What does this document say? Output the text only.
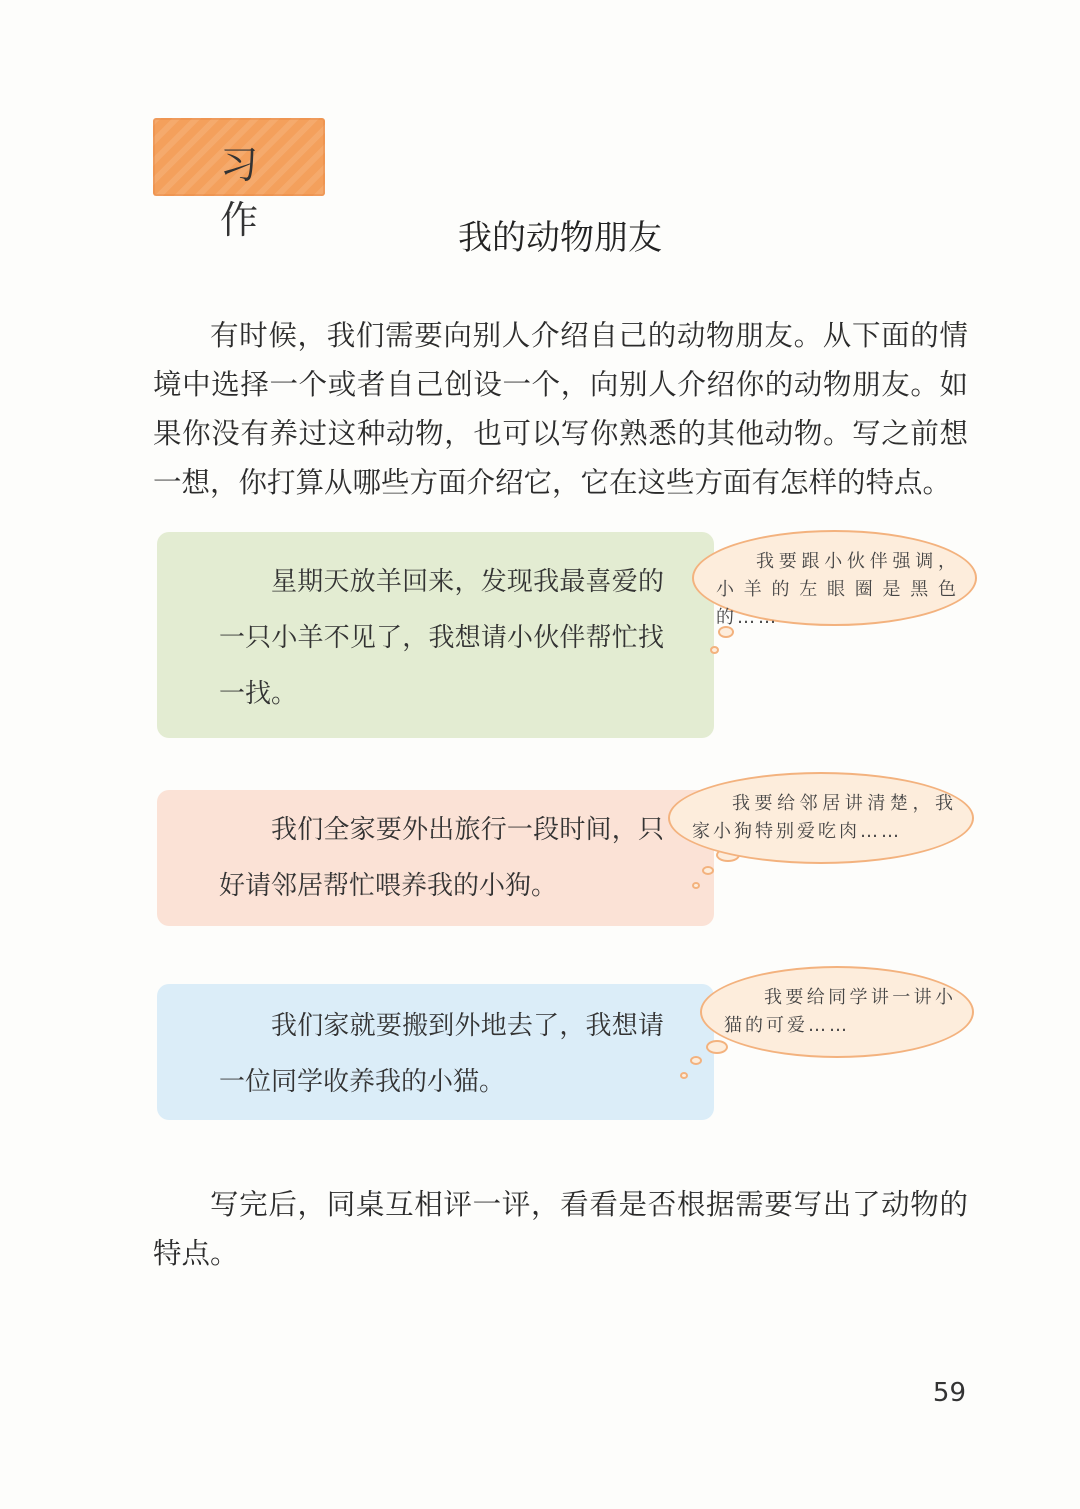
习 作	我的动物朋友
有时候，我们需要向别人介绍自己的动物朋友。从下面的情境中选择一个或者自己创设一个，向别人介绍你的动物朋友。如果你没有养过这种动物，也可以写你熟悉的其他动物。写之前想一想，你打算从哪些方面介绍它，它在这些方面有怎样的特点。

星期天放羊回来，发现我最喜爱的一只小羊不见了，我想请小伙伴帮忙找一找。

我要跟小伙伴强调，小羊的左眼圈是黑色的……

我们全家要外出旅行一段时间，只好请邻居帮忙喂养我的小狗。

我要给邻居讲清楚，我家小狗特别爱吃肉……

我们家就要搬到外地去了，我想请一位同学收养我的小猫。

我要给同学讲一讲小猫的可爱……
写完后，同桌互相评一评，看看是否根据需要写出了动物的特点。
59
